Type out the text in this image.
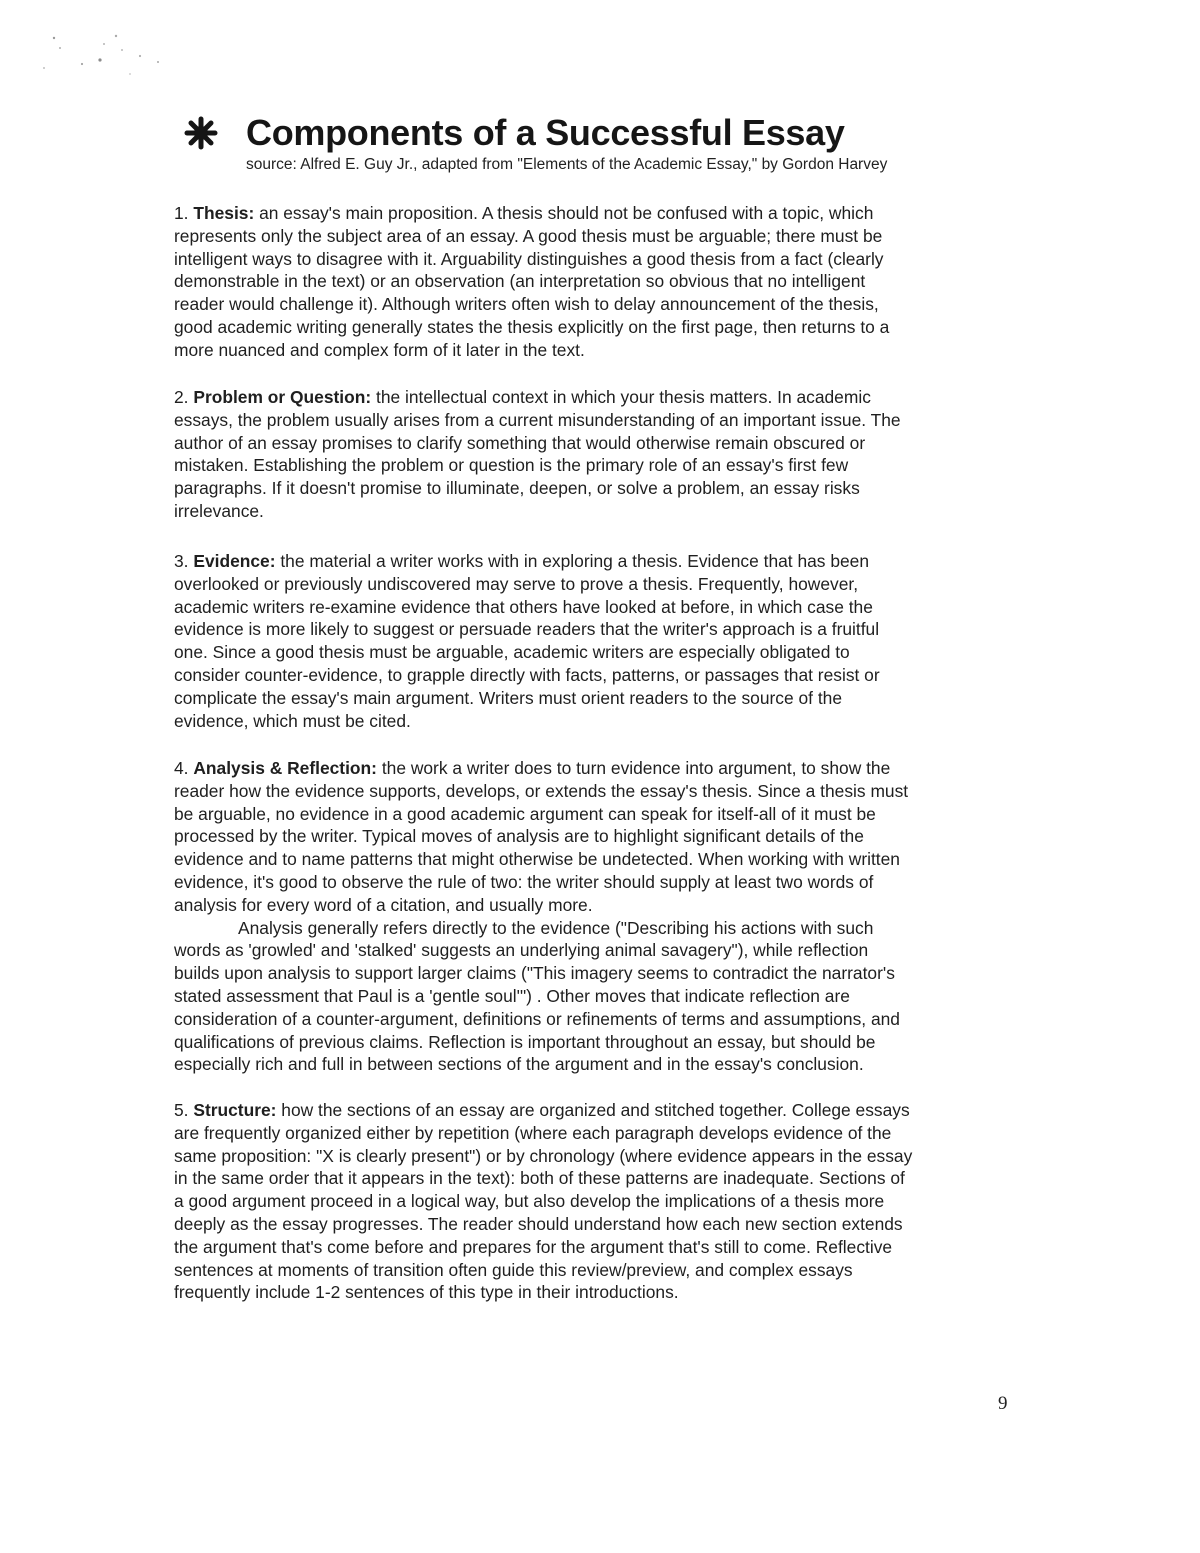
Components of a Successful Essay
source: Alfred E. Guy Jr., adapted from "Elements of the Academic Essay," by Gordon Harvey

1. Thesis: an essay's main proposition. A thesis should not be confused with a topic, which
represents only the subject area of an essay. A good thesis must be arguable; there must be
intelligent ways to disagree with it. Arguability distinguishes a good thesis from a fact (clearly
demonstrable in the text) or an observation (an interpretation so obvious that no intelligent
reader would challenge it). Although writers often wish to delay announcement of the thesis,
good academic writing generally states the thesis explicitly on the first page, then returns to a
more nuanced and complex form of it later in the text.

2. Problem or Question: the intellectual context in which your thesis matters. In academic
essays, the problem usually arises from a current misunderstanding of an important issue. The
author of an essay promises to clarify something that would otherwise remain obscured or
mistaken. Establishing the problem or question is the primary role of an essay's first few
paragraphs. If it doesn't promise to illuminate, deepen, or solve a problem, an essay risks
irrelevance.

3. Evidence: the material a writer works with in exploring a thesis. Evidence that has been
overlooked or previously undiscovered may serve to prove a thesis. Frequently, however,
academic writers re-examine evidence that others have looked at before, in which case the
evidence is more likely to suggest or persuade readers that the writer's approach is a fruitful
one. Since a good thesis must be arguable, academic writers are especially obligated to
consider counter-evidence, to grapple directly with facts, patterns, or passages that resist or
complicate the essay's main argument. Writers must orient readers to the source of the
evidence, which must be cited.

4. Analysis & Reflection: the work a writer does to turn evidence into argument, to show the
reader how the evidence supports, develops, or extends the essay's thesis. Since a thesis must
be arguable, no evidence in a good academic argument can speak for itself-all of it must be
processed by the writer. Typical moves of analysis are to highlight significant details of the
evidence and to name patterns that might otherwise be undetected. When working with written
evidence, it's good to observe the rule of two: the writer should supply at least two words of
analysis for every word of a citation, and usually more.
Analysis generally refers directly to the evidence ("Describing his actions with such
words as 'growled' and 'stalked' suggests an underlying animal savagery"), while reflection
builds upon analysis to support larger claims ("This imagery seems to contradict the narrator's
stated assessment that Paul is a 'gentle soul'") . Other moves that indicate reflection are
consideration of a counter-argument, definitions or refinements of terms and assumptions, and
qualifications of previous claims. Reflection is important throughout an essay, but should be
especially rich and full in between sections of the argument and in the essay's conclusion.

5. Structure: how the sections of an essay are organized and stitched together. College essays
are frequently organized either by repetition (where each paragraph develops evidence of the
same proposition: "X is clearly present") or by chronology (where evidence appears in the essay
in the same order that it appears in the text): both of these patterns are inadequate. Sections of
a good argument proceed in a logical way, but also develop the implications of a thesis more
deeply as the essay progresses. The reader should understand how each new section extends
the argument that's come before and prepares for the argument that's still to come. Reflective
sentences at moments of transition often guide this review/preview, and complex essays
frequently include 1-2 sentences of this type in their introductions.

9
